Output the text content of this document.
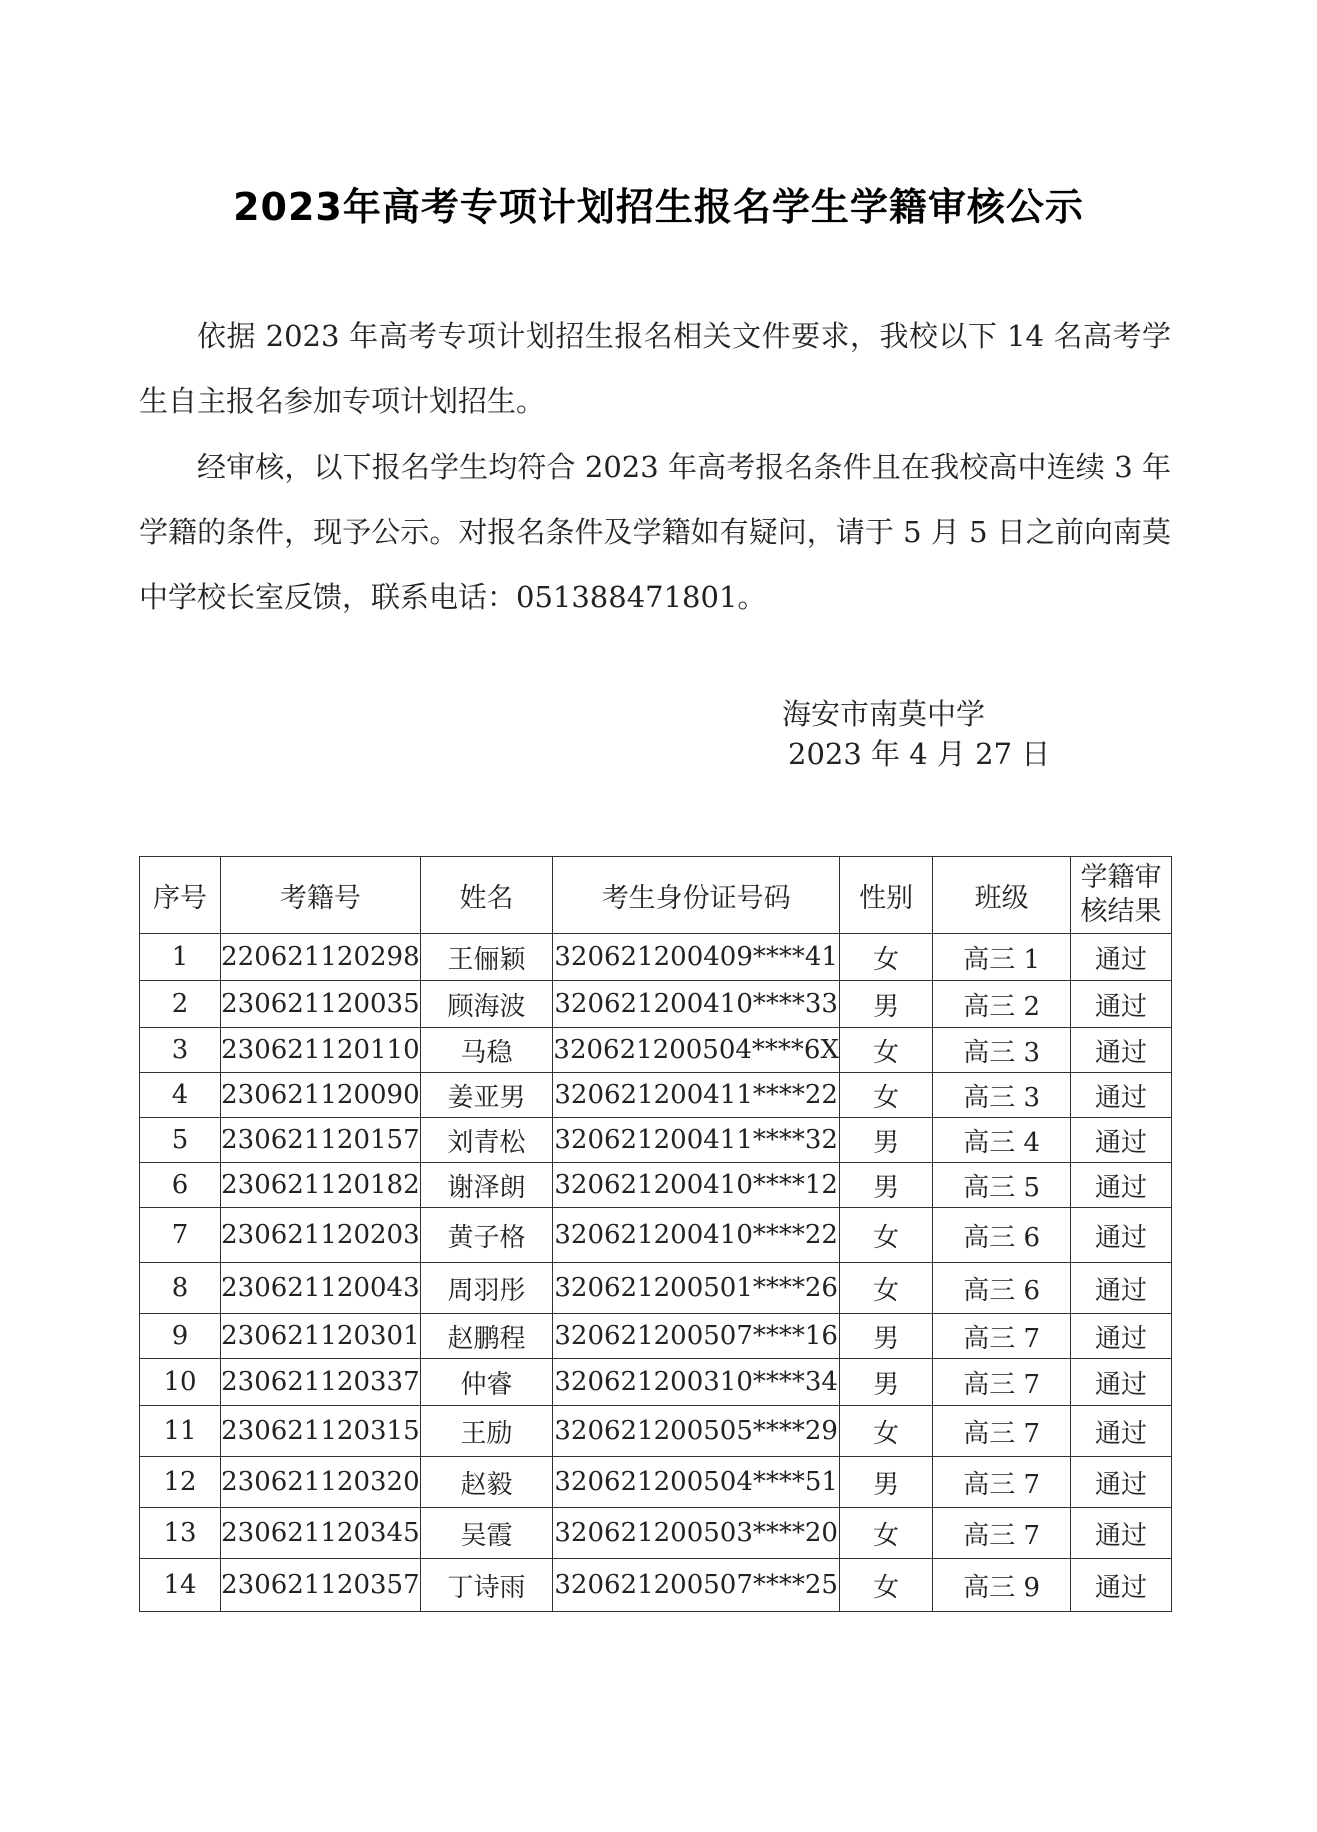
2023年高考专项计划招生报名学生学籍审核公示
依据 2023 年高考专项计划招生报名相关文件要求，我校以下 14 名高考学生自主报名参加专项计划招生。
经审核，以下报名学生均符合 2023 年高考报名条件且在我校高中连续 3 年学籍的条件，现予公示。对报名条件及学籍如有疑问，请于 5 月 5 日之前向南莫中学校长室反馈，联系电话：051388471801。
海安市南莫中学
2023 年 4 月 27 日
序号	考籍号	姓名	考生身份证号码	性别	班级	学籍审
核结果

1	220621120298	王俪颖	320621200409****41	女	高三 1	通过
2	230621120035	顾海波	320621200410****33	男	高三 2	通过
3	230621120110	马稳	320621200504****6X	女	高三 3	通过
4	230621120090	姜亚男	320621200411****22	女	高三 3	通过
5	230621120157	刘青松	320621200411****32	男	高三 4	通过
6	230621120182	谢泽朗	320621200410****12	男	高三 5	通过
7	230621120203	黄子格	320621200410****22	女	高三 6	通过
8	230621120043	周羽彤	320621200501****26	女	高三 6	通过
9	230621120301	赵鹏程	320621200507****16	男	高三 7	通过
10	230621120337	仲睿	320621200310****34	男	高三 7	通过
11	230621120315	王励	320621200505****29	女	高三 7	通过
12	230621120320	赵毅	320621200504****51	男	高三 7	通过
13	230621120345	吴霞	320621200503****20	女	高三 7	通过
14	230621120357	丁诗雨	320621200507****25	女	高三 9	通过
